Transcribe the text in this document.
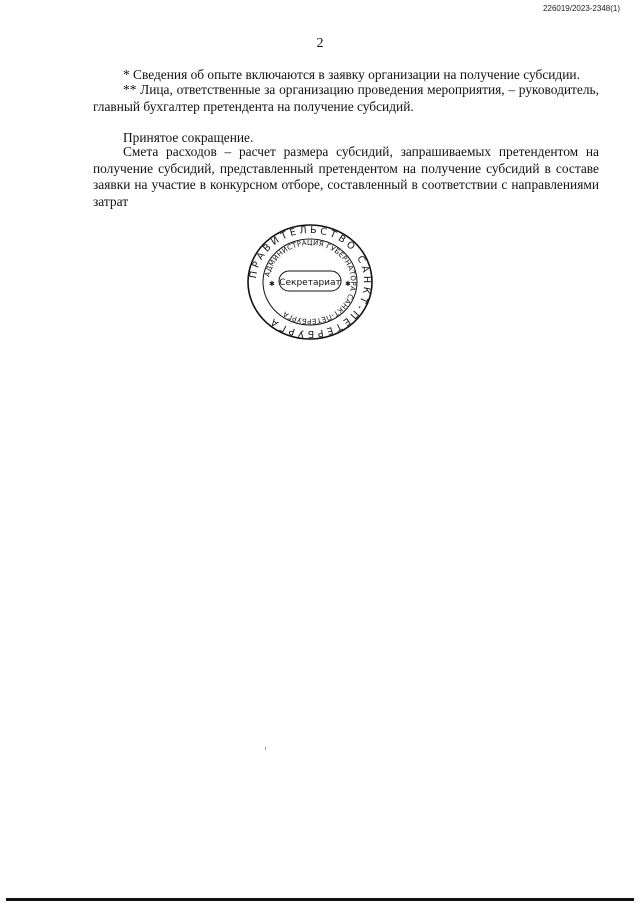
226019/2023-2348(1)
2

* Сведения об опыте включаются в заявку организации на получение субсидии.

** Лица, ответственные за организацию проведения мероприятия, – руководитель, главный бухгалтер претендента на получение субсидий.

Принятое сокращение.

Смета расходов – расчет размера субсидий, запрашиваемых претендентом на получение субсидий, представленный претендентом на получение субсидий в составе заявки на участие в конкурсном отборе, составленный в соответствии с направлениями затрат

ПРАВИТЕЛЬСТВО САНКТ-ПЕТЕРБУРГА
АДМИНИСТРАЦИЯ ГУБЕРНАТОРА САНКТ-ПЕТЕРБУРГА
Секретариат
✱	✱
